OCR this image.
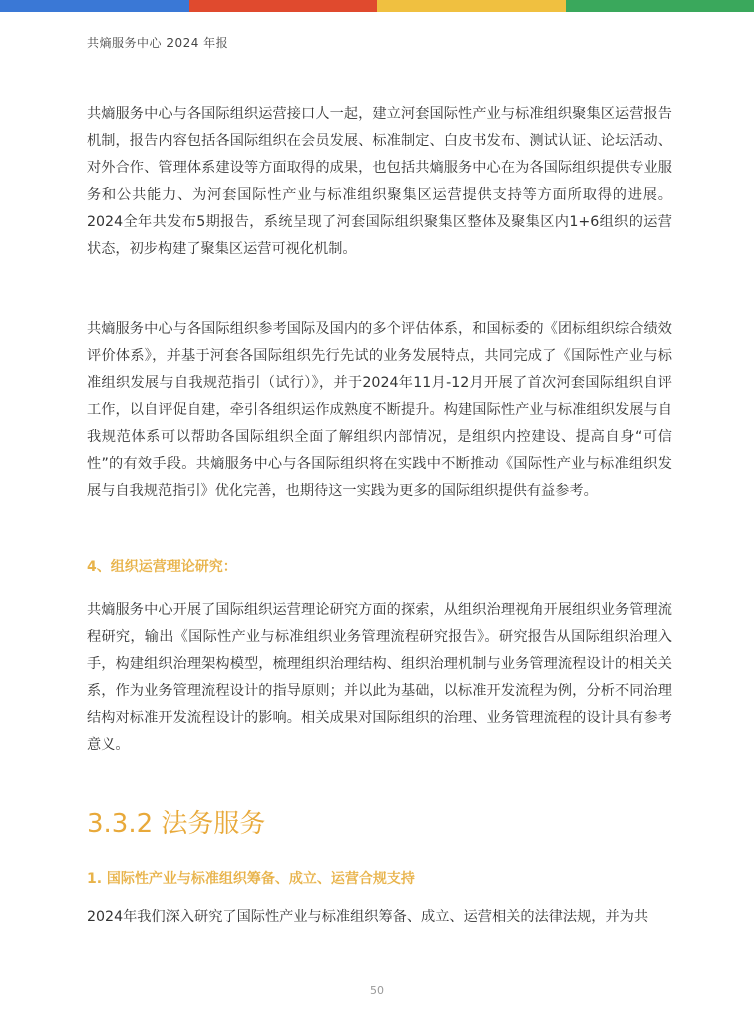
共熵服务中心 2024 年报

共熵服务中心与各国际组织运营接口人一起，建立河套国际性产业与标准组织聚集区运营报告机制，报告内容包括各国际组织在会员发展、标准制定、白皮书发布、测试认证、论坛活动、对外合作、管理体系建设等方面取得的成果，也包括共熵服务中心在为各国际组织提供专业服务和公共能力、为河套国际性产业与标准组织聚集区运营提供支持等方面所取得的进展。2024全年共发布5期报告，系统呈现了河套国际组织聚集区整体及聚集区内1+6组织的运营状态，初步构建了聚集区运营可视化机制。

共熵服务中心与各国际组织参考国际及国内的多个评估体系，和国标委的《团标组织综合绩效评价体系》，并基于河套各国际组织先行先试的业务发展特点，共同完成了《国际性产业与标准组织发展与自我规范指引（试行）》，并于2024年11月-12月开展了首次河套国际组织自评工作，以自评促自建，牵引各组织运作成熟度不断提升。构建国际性产业与标准组织发展与自我规范体系可以帮助各国际组织全面了解组织内部情况，是组织内控建设、提高自身“可信性”的有效手段。共熵服务中心与各国际组织将在实践中不断推动《国际性产业与标准组织发展与自我规范指引》优化完善，也期待这一实践为更多的国际组织提供有益参考。

4、组织运营理论研究：

共熵服务中心开展了国际组织运营理论研究方面的探索，从组织治理视角开展组织业务管理流程研究，输出《国际性产业与标准组织业务管理流程研究报告》。研究报告从国际组织治理入手，构建组织治理架构模型，梳理组织治理结构、组织治理机制与业务管理流程设计的相关关系，作为业务管理流程设计的指导原则；并以此为基础，以标准开发流程为例，分析不同治理结构对标准开发流程设计的影响。相关成果对国际组织的治理、业务管理流程的设计具有参考意义。

3.3.2 法务服务
1. 国际性产业与标准组织筹备、成立、运营合规支持

2024年我们深入研究了国际性产业与标准组织筹备、成立、运营相关的法律法规，并为共

50
